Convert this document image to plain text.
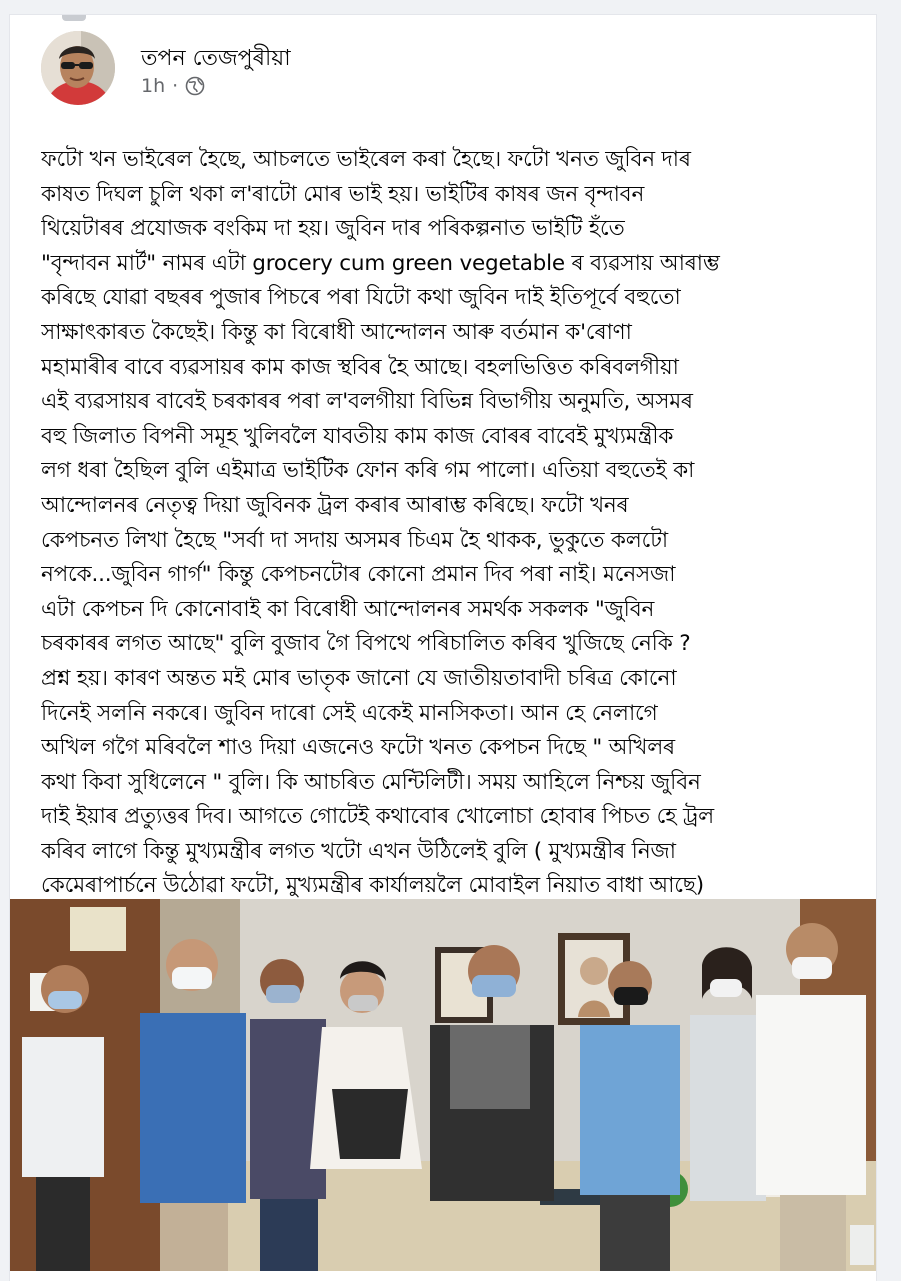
তপন তেজপুৰীয়া
1h ·
ফটো খন ভাইৰেল হৈছে, আচলতে ভাইৰেল কৰা হৈছে। ফটো খনত জুবিন দাৰ
কাষত দিঘল চুলি থকা ল'ৰাটো মোৰ ভাই হয়। ভাইটিৰ কাষৰ জন বৃন্দাবন
থিয়েটাৰৰ প্ৰযোজক বংকিম দা হয়। জুবিন দাৰ পৰিকল্পনাত ভাইটি হঁতে
"বৃন্দাবন মাৰ্ট" নামৰ এটা grocery cum green vegetable ৰ ব্যৱসায় আৰাম্ভ
কৰিছে যোৱা বছৰৰ পুজাৰ পিচৰে পৰা যিটো কথা জুবিন দাই ইতিপূৰ্বে বহুতো
সাক্ষাৎকাৰত কৈছেই। কিন্তু কা বিৰোধী আন্দোলন আৰু বৰ্তমান ক'ৰোণা
মহামাৰীৰ বাবে ব্যৱসায়ৰ কাম কাজ স্থবিৰ হৈ আছে। বহলভিত্তিত কৰিবলগীয়া
এই ব্যৱসায়ৰ বাবেই চৰকাৰৰ পৰা ল'বলগীয়া বিভিন্ন বিভাগীয় অনুমতি, অসমৰ
বহু জিলাত বিপনী সমূহ খুলিবলৈ যাবতীয় কাম কাজ বোৰৰ বাবেই মুখ্যমন্ত্ৰীক
লগ ধৰা হৈছিল বুলি এইমাত্ৰ ভাইটিক ফোন কৰি গম পালো। এতিয়া বহুতেই কা
আন্দোলনৰ নেতৃত্ব দিয়া জুবিনক ট্ৰল কৰাৰ আৰাম্ভ কৰিছে। ফটো খনৰ
কেপচনত লিখা হৈছে "সৰ্বা দা সদায় অসমৰ চিএম হৈ থাকক, ভুকুতে কলটো
নপকে...জুবিন গাৰ্গ" কিন্তু কেপচনটোৰ কোনো প্ৰমান দিব পৰা নাই। মনেসজা
এটা কেপচন দি কোনোবাই কা বিৰোধী আন্দোলনৰ সমৰ্থক সকলক "জুবিন
চৰকাৰৰ লগত আছে" বুলি বুজাব গৈ বিপথে পৰিচালিত কৰিব খুজিছে নেকি ?
প্ৰশ্ন হয়। কাৰণ অন্তত মই মোৰ ভাতৃক জানো যে জাতীয়তাবাদী চৰিত্ৰ কোনো
দিনেই সলনি নকৰে। জুবিন দাৰো সেই একেই মানসিকতা। আন হে নেলাগে
অখিল গগৈ মৰিবলৈ শাও দিয়া এজনেও ফটো খনত কেপচন দিছে " অখিলৰ
কথা কিবা সুধিলেনে " বুলি। কি আচৰিত মেন্টিলিটী। সময় আহিলে নিশ্চয় জুবিন
দাই ইয়াৰ প্ৰত্যুত্তৰ দিব। আগতে গোটেই কথাবোৰ খোলোচা হোবাৰ পিচত হে ট্ৰল
কৰিব লাগে কিন্তু মুখ্যমন্ত্ৰীৰ লগত খটো এখন উঠিলেই বুলি ( মুখ্যমন্ত্ৰীৰ নিজা
কেমেৰাপাৰ্চনে উঠোৱা ফটো, মুখ্যমন্ত্ৰীৰ কাৰ্যালয়লৈ মোবাইল নিয়াত বাধা আছে)
